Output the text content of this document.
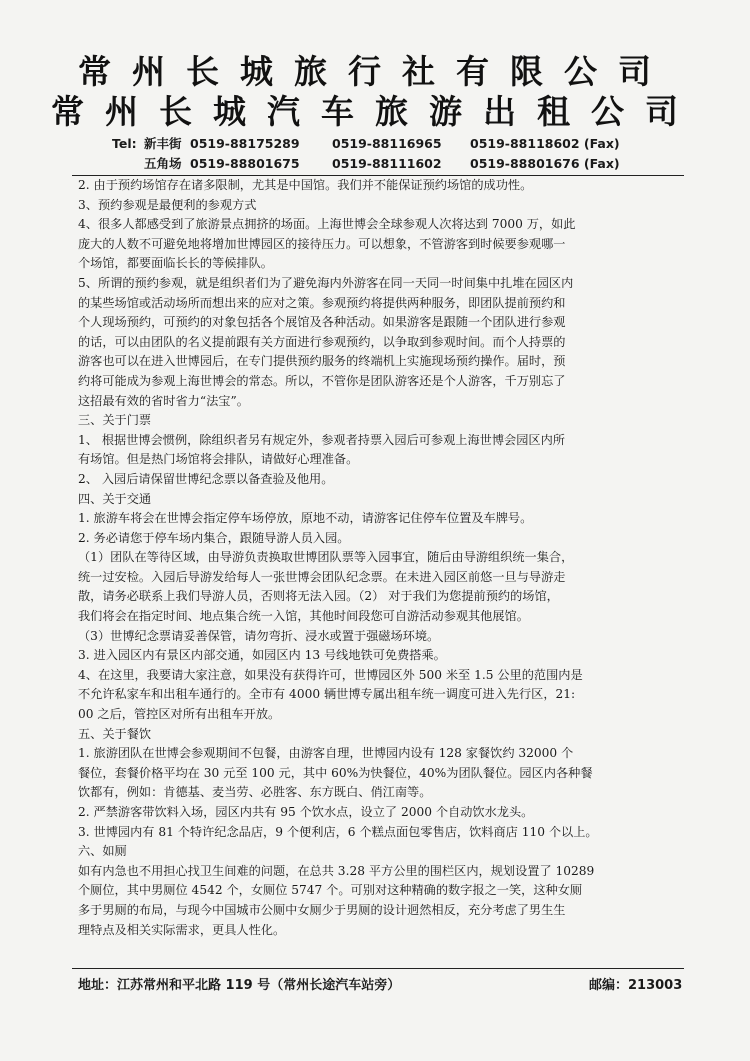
常州长城旅行社有限公司
常州长城汽车旅游出租公司
Tel: 新丰街 0519-88175289	0519-88116965 0519-88118602 (Fax)
五角场 0519-88801675	0519-88111602 0519-88801676 (Fax)
2. 由于预约场馆存在诸多限制，尤其是中国馆。我们并不能保证预约场馆的成功性。
3、预约参观是最便利的参观方式
4、很多人都感受到了旅游景点拥挤的场面。上海世博会全球参观人次将达到 7000 万，如此
庞大的人数不可避免地将增加世博园区的接待压力。可以想象，不管游客到时候要参观哪一
个场馆，都要面临长长的等候排队。
5、所谓的预约参观，就是组织者们为了避免海内外游客在同一天同一时间集中扎堆在园区内
的某些场馆或活动场所而想出来的应对之策。参观预约将提供两种服务，即团队提前预约和
个人现场预约，可预约的对象包括各个展馆及各种活动。如果游客是跟随一个团队进行参观
的话，可以由团队的名义提前跟有关方面进行参观预约，以争取到参观时间。而个人持票的
游客也可以在进入世博园后，在专门提供预约服务的终端机上实施现场预约操作。届时，预
约将可能成为参观上海世博会的常态。所以，不管你是团队游客还是个人游客，千万别忘了
这招最有效的省时省力“法宝”。
三、关于门票
1、 根据世博会惯例，除组织者另有规定外，参观者持票入园后可参观上海世博会园区内所
有场馆。但是热门场馆将会排队，请做好心理准备。
2、 入园后请保留世博纪念票以备查验及他用。
四、关于交通
1. 旅游车将会在世博会指定停车场停放，原地不动，请游客记住停车位置及车牌号。
2. 务必请您于停车场内集合，跟随导游人员入园。
（1）团队在等待区域，由导游负责换取世博团队票等入园事宜，随后由导游组织统一集合，
统一过安检。入园后导游发给每人一张世博会团队纪念票。在未进入园区前悠一旦与导游走
散，请务必联系上我们导游人员，否则将无法入园。（2） 对于我们为您提前预约的场馆，
我们将会在指定时间、地点集合统一入馆，其他时间段您可自游活动参观其他展馆。
（3）世博纪念票请妥善保管，请勿弯折、浸水或置于强磁场环境。
3. 进入园区内有景区内部交通，如园区内 13 号线地铁可免费搭乘。
4、在这里，我要请大家注意，如果没有获得许可，世博园区外 500 米至 1.5 公里的范围内是
不允许私家车和出租车通行的。全市有 4000 辆世博专属出租车统一调度可进入先行区，21:
00 之后，管控区对所有出租车开放。
五、关于餐饮
1. 旅游团队在世博会参观期间不包餐，由游客自理，世博园内设有 128 家餐饮约 32000 个
餐位，套餐价格平均在 30 元至 100 元，其中 60%为快餐位，40%为团队餐位。园区内各种餐
饮都有，例如：肯德基、麦当劳、必胜客、东方既白、俏江南等。
2. 严禁游客带饮料入场，园区内共有 95 个饮水点，设立了 2000 个自动饮水龙头。
3. 世博园内有 81 个特许纪念品店，9 个便利店，6 个糕点面包零售店，饮料商店 110 个以上。
六、如厕
如有内急也不用担心找卫生间难的问题，在总共 3.28 平方公里的围栏区内，规划设置了 10289
个厕位，其中男厕位 4542 个，女厕位 5747 个。可别对这种精确的数字报之一笑，这种女厕
多于男厕的布局，与现今中国城市公厕中女厕少于男厕的设计迥然相反，充分考虑了男生生
理特点及相关实际需求，更具人性化。
地址：江苏常州和平北路 119 号（常州长途汽车站旁）	邮编：213003
